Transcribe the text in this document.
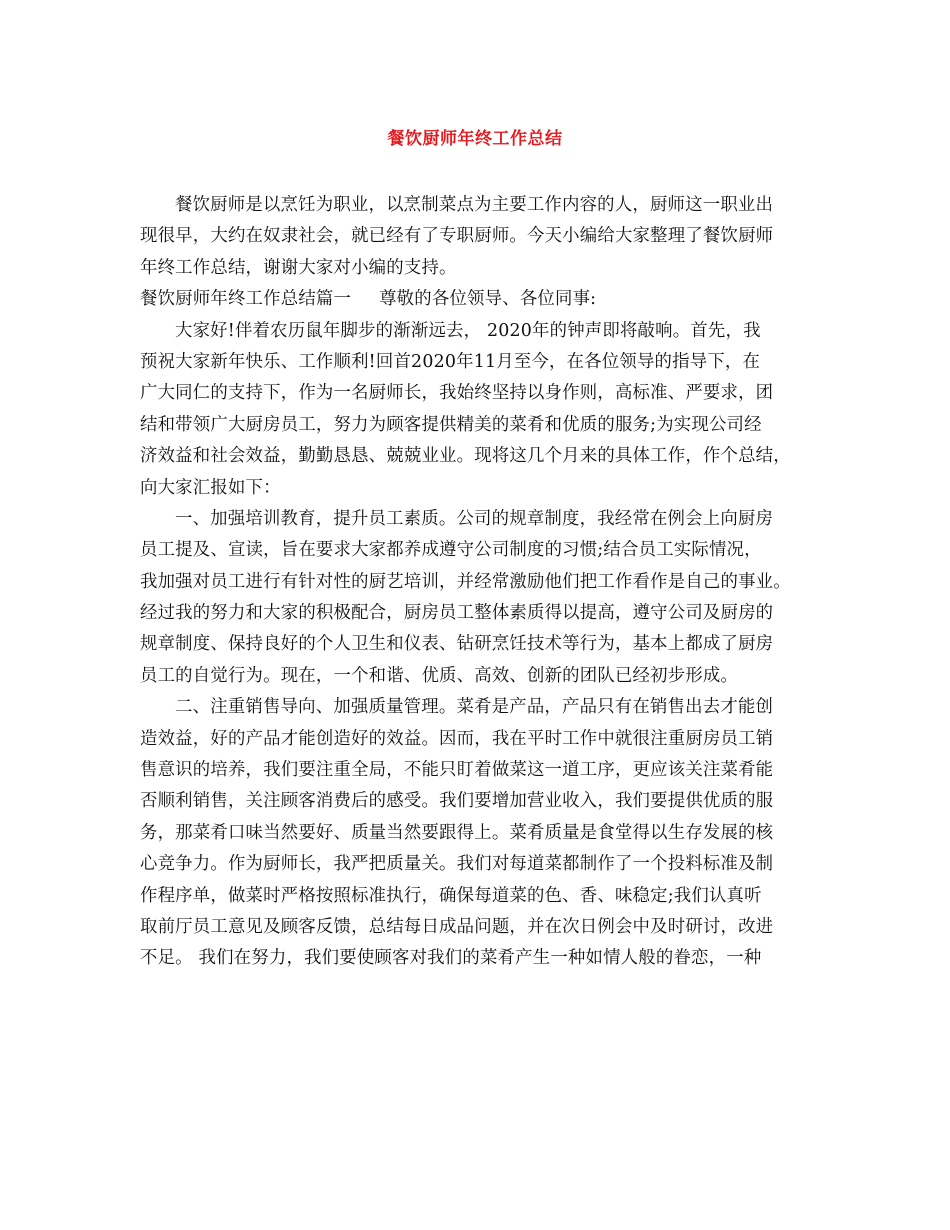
餐饮厨师年终工作总结
餐饮厨师是以烹饪为职业，以烹制菜点为主要工作内容的人，厨师这一职业出
现很早，大约在奴隶社会，就已经有了专职厨师。今天小编给大家整理了餐饮厨师
年终工作总结，谢谢大家对小编的支持。
餐饮厨师年终工作总结篇一 尊敬的各位领导、各位同事:
大家好!伴着农历鼠年脚步的渐渐远去， 2020年的钟声即将敲响。首先，我
预祝大家新年快乐、工作顺利!回首2020年11月至今，在各位领导的指导下，在
广大同仁的支持下，作为一名厨师长，我始终坚持以身作则，高标准、严要求，团
结和带领广大厨房员工，努力为顾客提供精美的菜肴和优质的服务;为实现公司经
济效益和社会效益，勤勤恳恳、兢兢业业。现将这几个月来的具体工作，作个总结，
向大家汇报如下：
一、加强培训教育，提升员工素质。公司的规章制度，我经常在例会上向厨房
员工提及、宣读，旨在要求大家都养成遵守公司制度的习惯;结合员工实际情况，
我加强对员工进行有针对性的厨艺培训，并经常激励他们把工作看作是自己的事业。
经过我的努力和大家的积极配合，厨房员工整体素质得以提高，遵守公司及厨房的
规章制度、保持良好的个人卫生和仪表、钻研烹饪技术等行为，基本上都成了厨房
员工的自觉行为。现在，一个和谐、优质、高效、创新的团队已经初步形成。
二、注重销售导向、加强质量管理。菜肴是产品，产品只有在销售出去才能创
造效益，好的产品才能创造好的效益。因而，我在平时工作中就很注重厨房员工销
售意识的培养，我们要注重全局，不能只盯着做菜这一道工序，更应该关注菜肴能
否顺利销售，关注顾客消费后的感受。我们要增加营业收入，我们要提供优质的服
务，那菜肴口味当然要好、质量当然要跟得上。菜肴质量是食堂得以生存发展的核
心竞争力。作为厨师长，我严把质量关。我们对每道菜都制作了一个投料标准及制
作程序单，做菜时严格按照标准执行，确保每道菜的色、香、味稳定;我们认真听
取前厅员工意见及顾客反馈，总结每日成品问题，并在次日例会中及时研讨，改进
不足。 我们在努力，我们要使顾客对我们的菜肴产生一种如情人般的眷恋，一种
